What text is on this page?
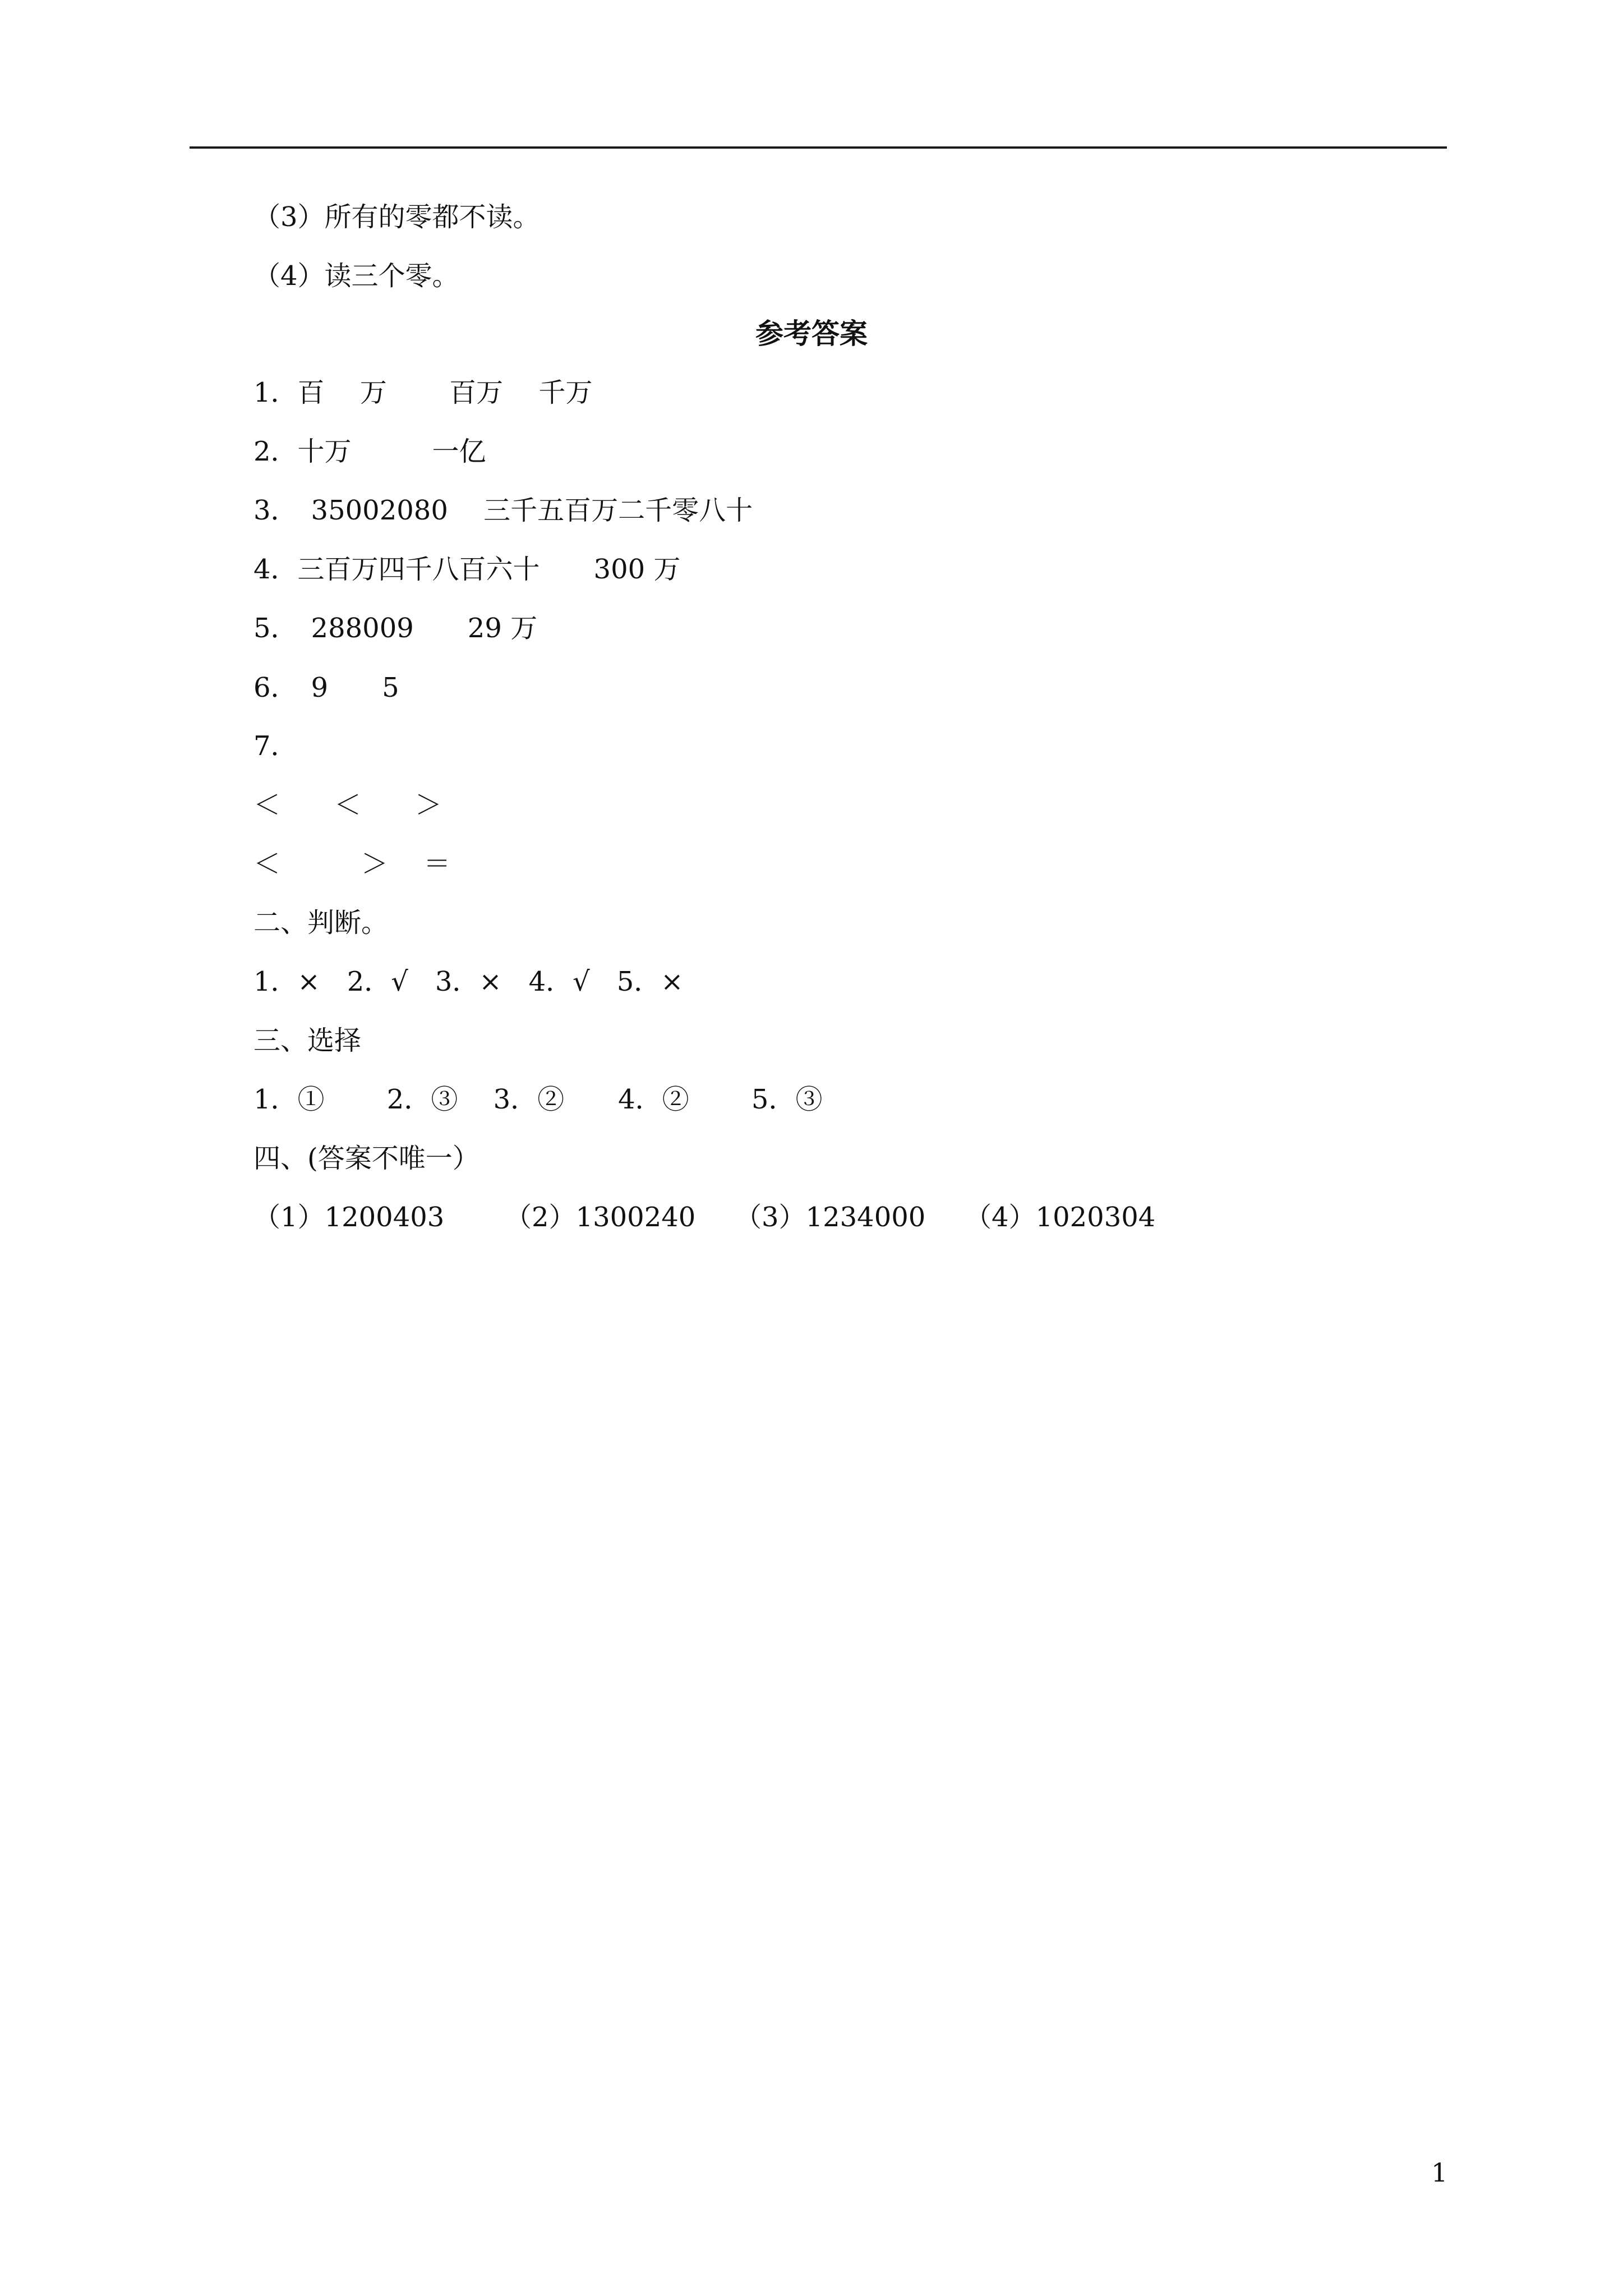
（3）所有的零都不读。
（4）读三个零。
参考答案
1．百　 万　 　百万　 千万
2．十万　　　一亿
3．　35002080　 三千五百万二千零八十
4．三百万四千八百六十　　300 万
5．　288009　　29 万
6．　9　　5
7．
＜　　＜　　＞
＜　　　＞　 ＝
二、判断。
1．×　2．√　3．×　4．√　5．×
三、选择
1．①　　 2．③　 3．②　　4．②　　 5．③
四、(答案不唯一）
（1）1200403 （2）1300240 （3）1234000 （4）1020304
1
